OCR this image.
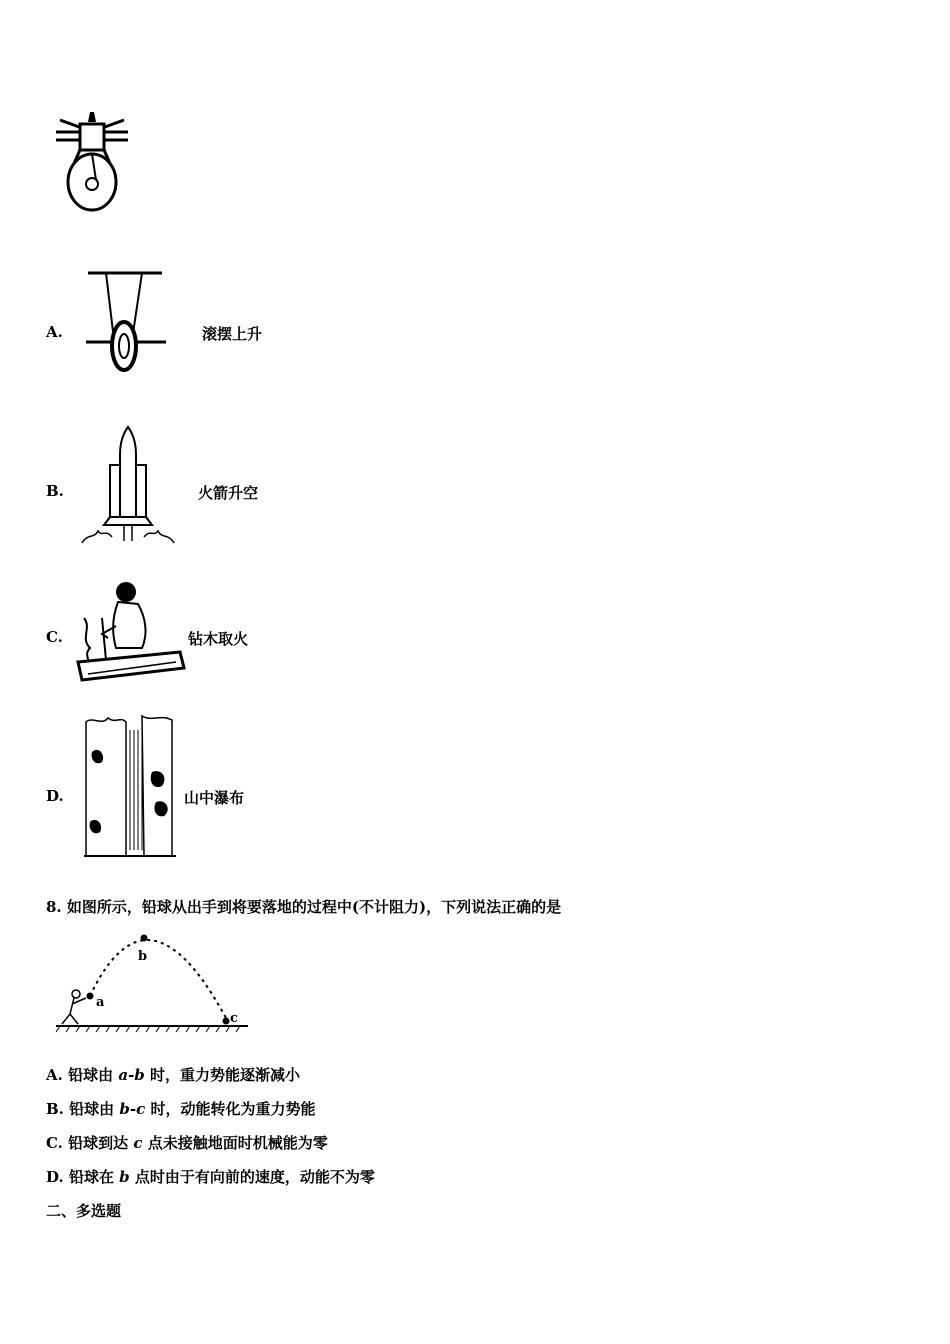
A.	滚摆上升
B.	火箭升空
C.	钻木取火
D.	山中瀑布
8. 如图所示，铅球从出手到将要落地的过程中(不计阻力)，下列说法正确的是
a
b
c
A. 铅球由 a-b 时，重力势能逐渐减小
B. 铅球由 b-c 时，动能转化为重力势能
C. 铅球到达 c 点未接触地面时机械能为零
D. 铅球在 b 点时由于有向前的速度，动能不为零
二、多选题
